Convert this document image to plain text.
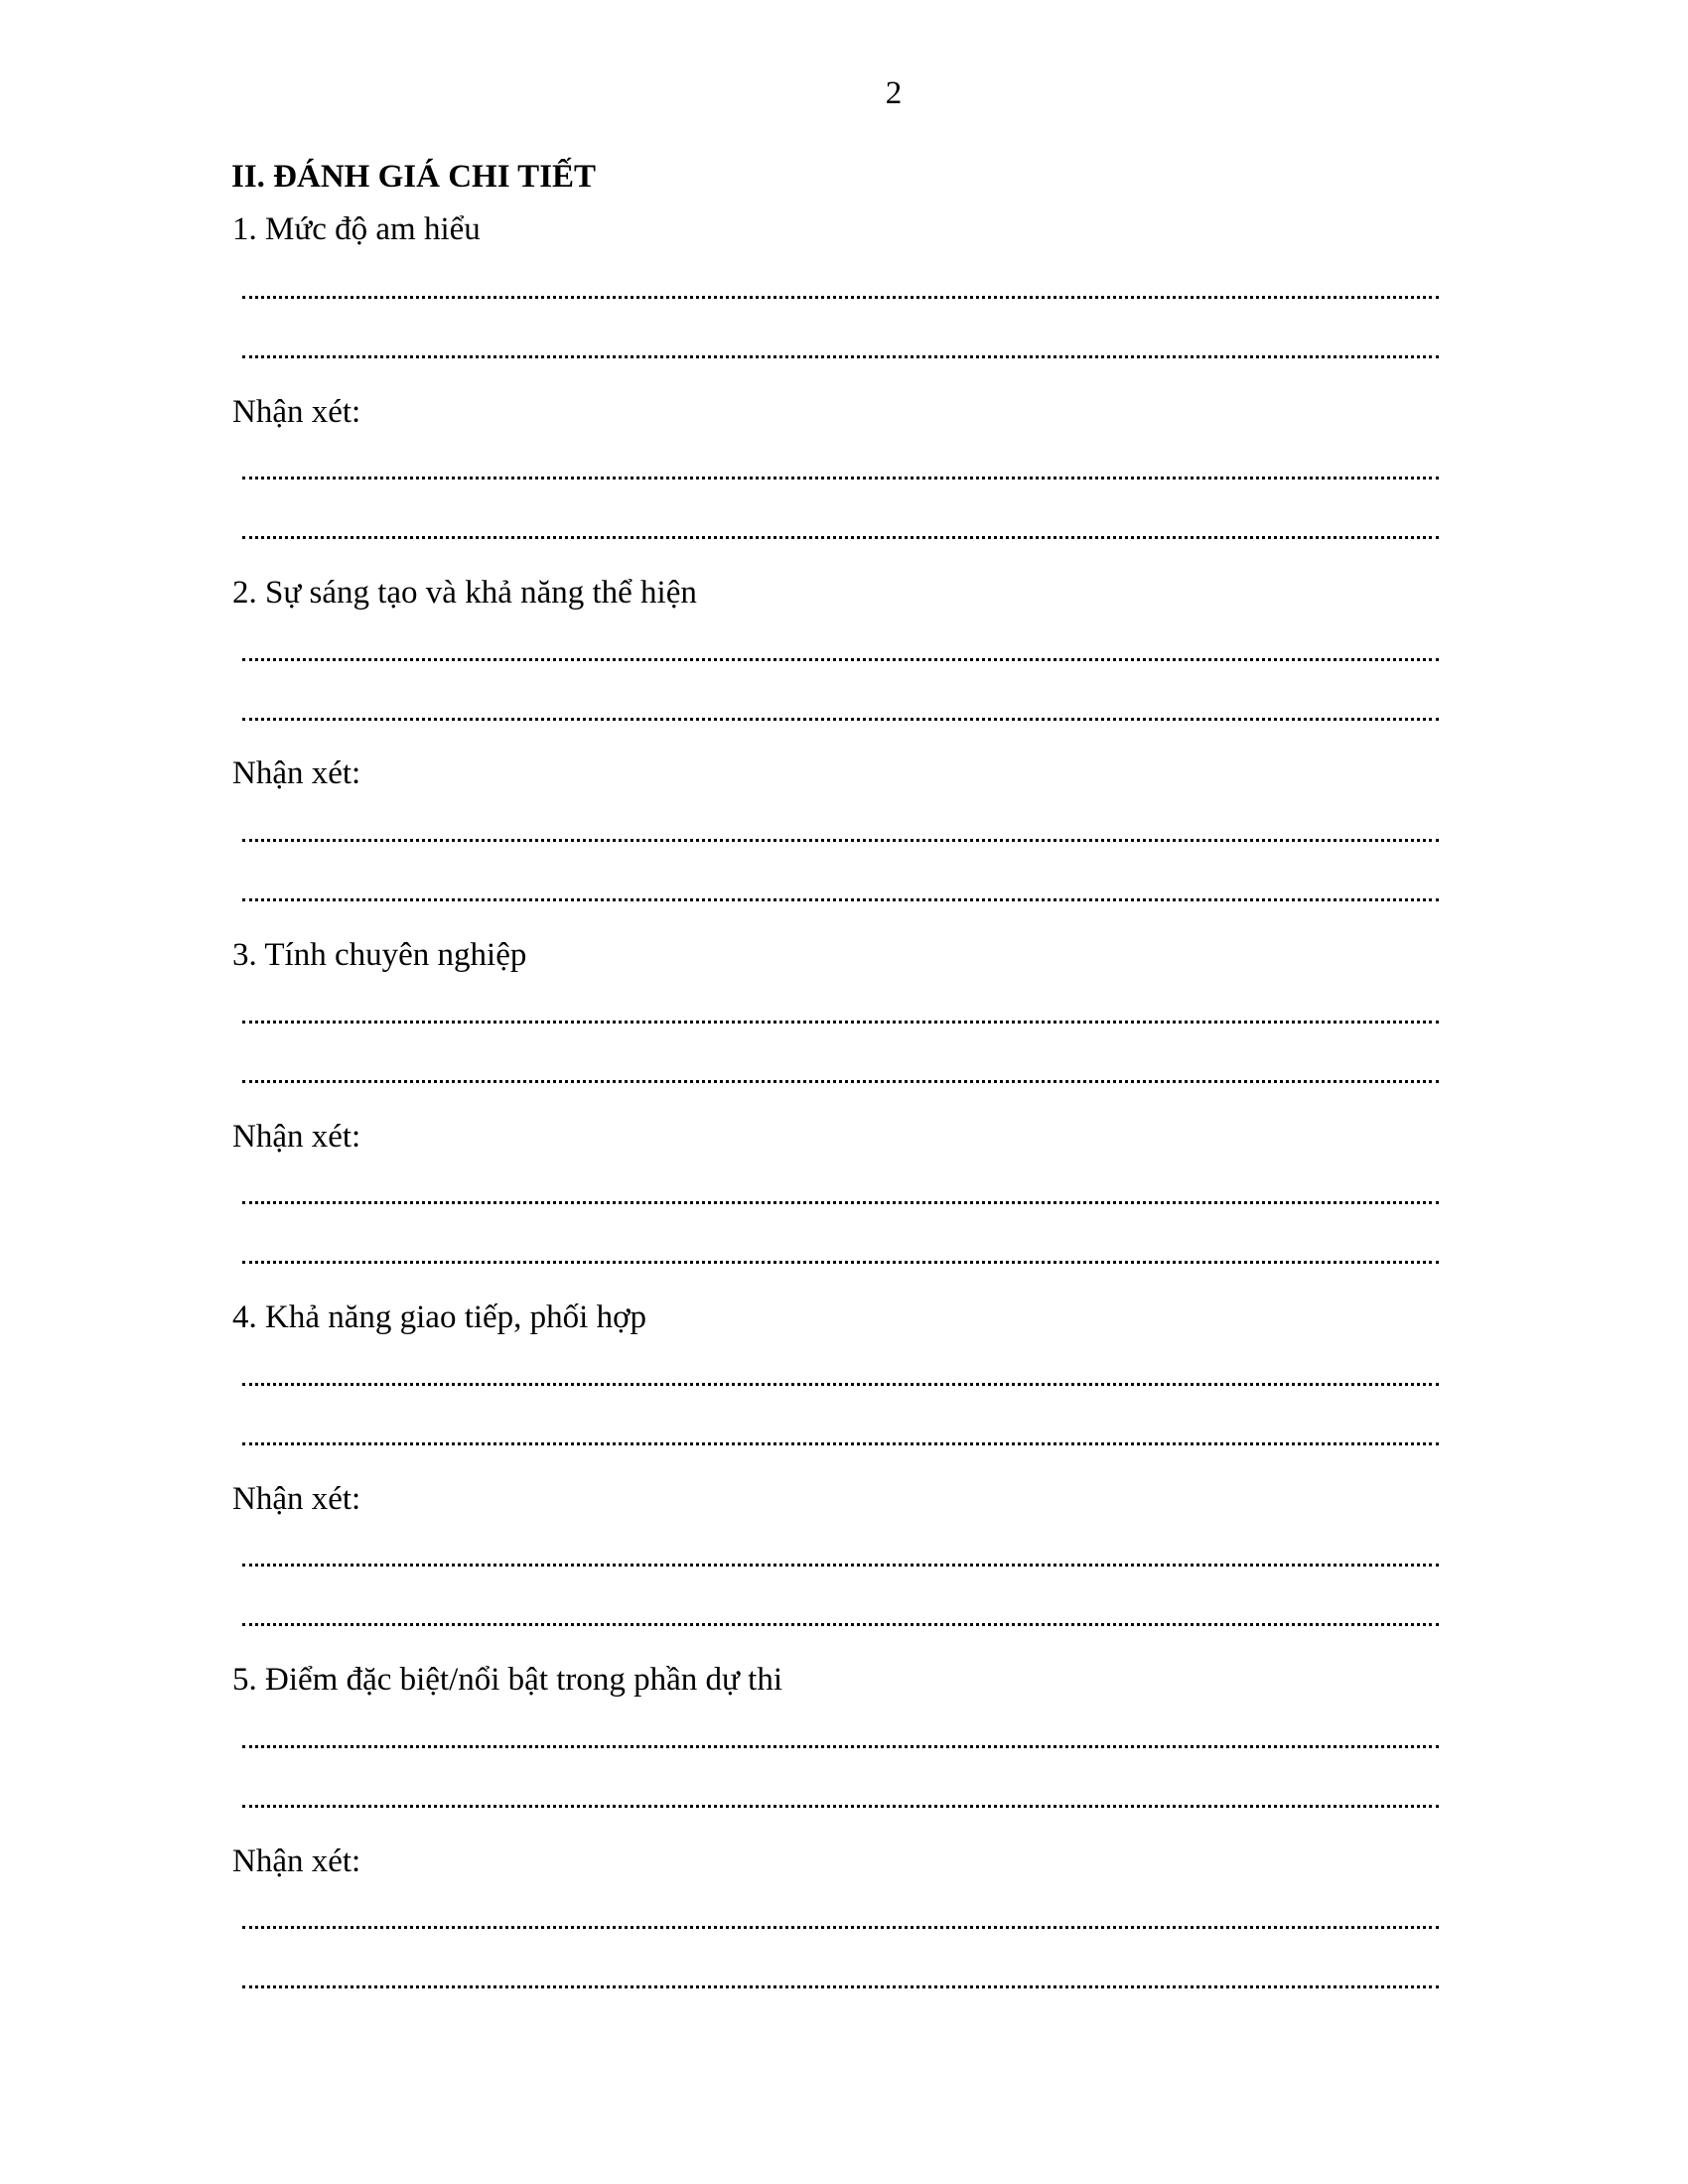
2
II. ĐÁNH GIÁ CHI TIẾT
1. Mức độ am hiểu
Nhận xét:
2. Sự sáng tạo và khả năng thể hiện
Nhận xét:
3. Tính chuyên nghiệp
Nhận xét:
4. Khả năng giao tiếp, phối hợp
Nhận xét:
5. Điểm đặc biệt/nổi bật trong phần dự thi
Nhận xét:
